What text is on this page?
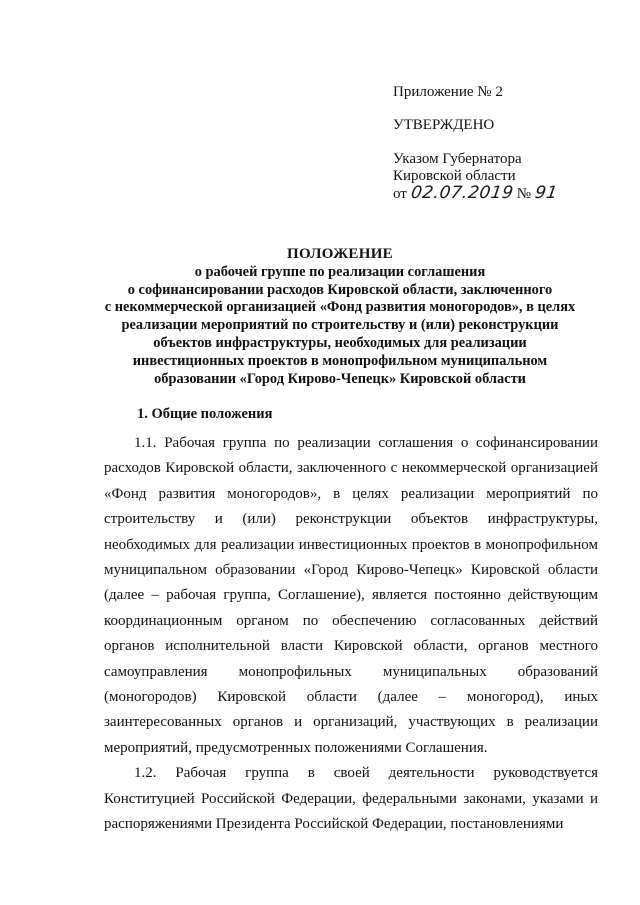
Приложение № 2
УТВЕРЖДЕНО
Указом Губернатора
Кировской области
от 02.07.2019 № 91
ПОЛОЖЕНИЕ
о рабочей группе по реализации соглашения
о софинансировании расходов Кировской области, заключенного
с некоммерческой организацией «Фонд развития моногородов», в целях
реализации мероприятий по строительству и (или) реконструкции
объектов инфраструктуры, необходимых для реализации
инвестиционных проектов в монопрофильном муниципальном
образовании «Город Кирово-Чепецк» Кировской области
1. Общие положения

1.1. Рабочая группа по реализации соглашения о софинансировании расходов Кировской области, заключенного с некоммерческой организацией «Фонд развития моногородов», в целях реализации мероприятий по строительству и (или) реконструкции объектов инфраструктуры, необходимых для реализации инвестиционных проектов в монопрофильном муниципальном образовании «Город Кирово-Чепецк» Кировской области (далее – рабочая группа, Соглашение), является постоянно действующим координационным органом по обеспечению согласованных действий органов исполнительной власти Кировской области, органов местного самоуправления монопрофильных муниципальных образований (моногородов) Кировской области (далее – моногород), иных заинтересованных органов и организаций, участвующих в реализации мероприятий, предусмотренных положениями Соглашения.

1.2. Рабочая группа в своей деятельности руководствуется Конституцией Российской Федерации, федеральными законами, указами и распоряжениями Президента Российской Федерации, постановлениями
